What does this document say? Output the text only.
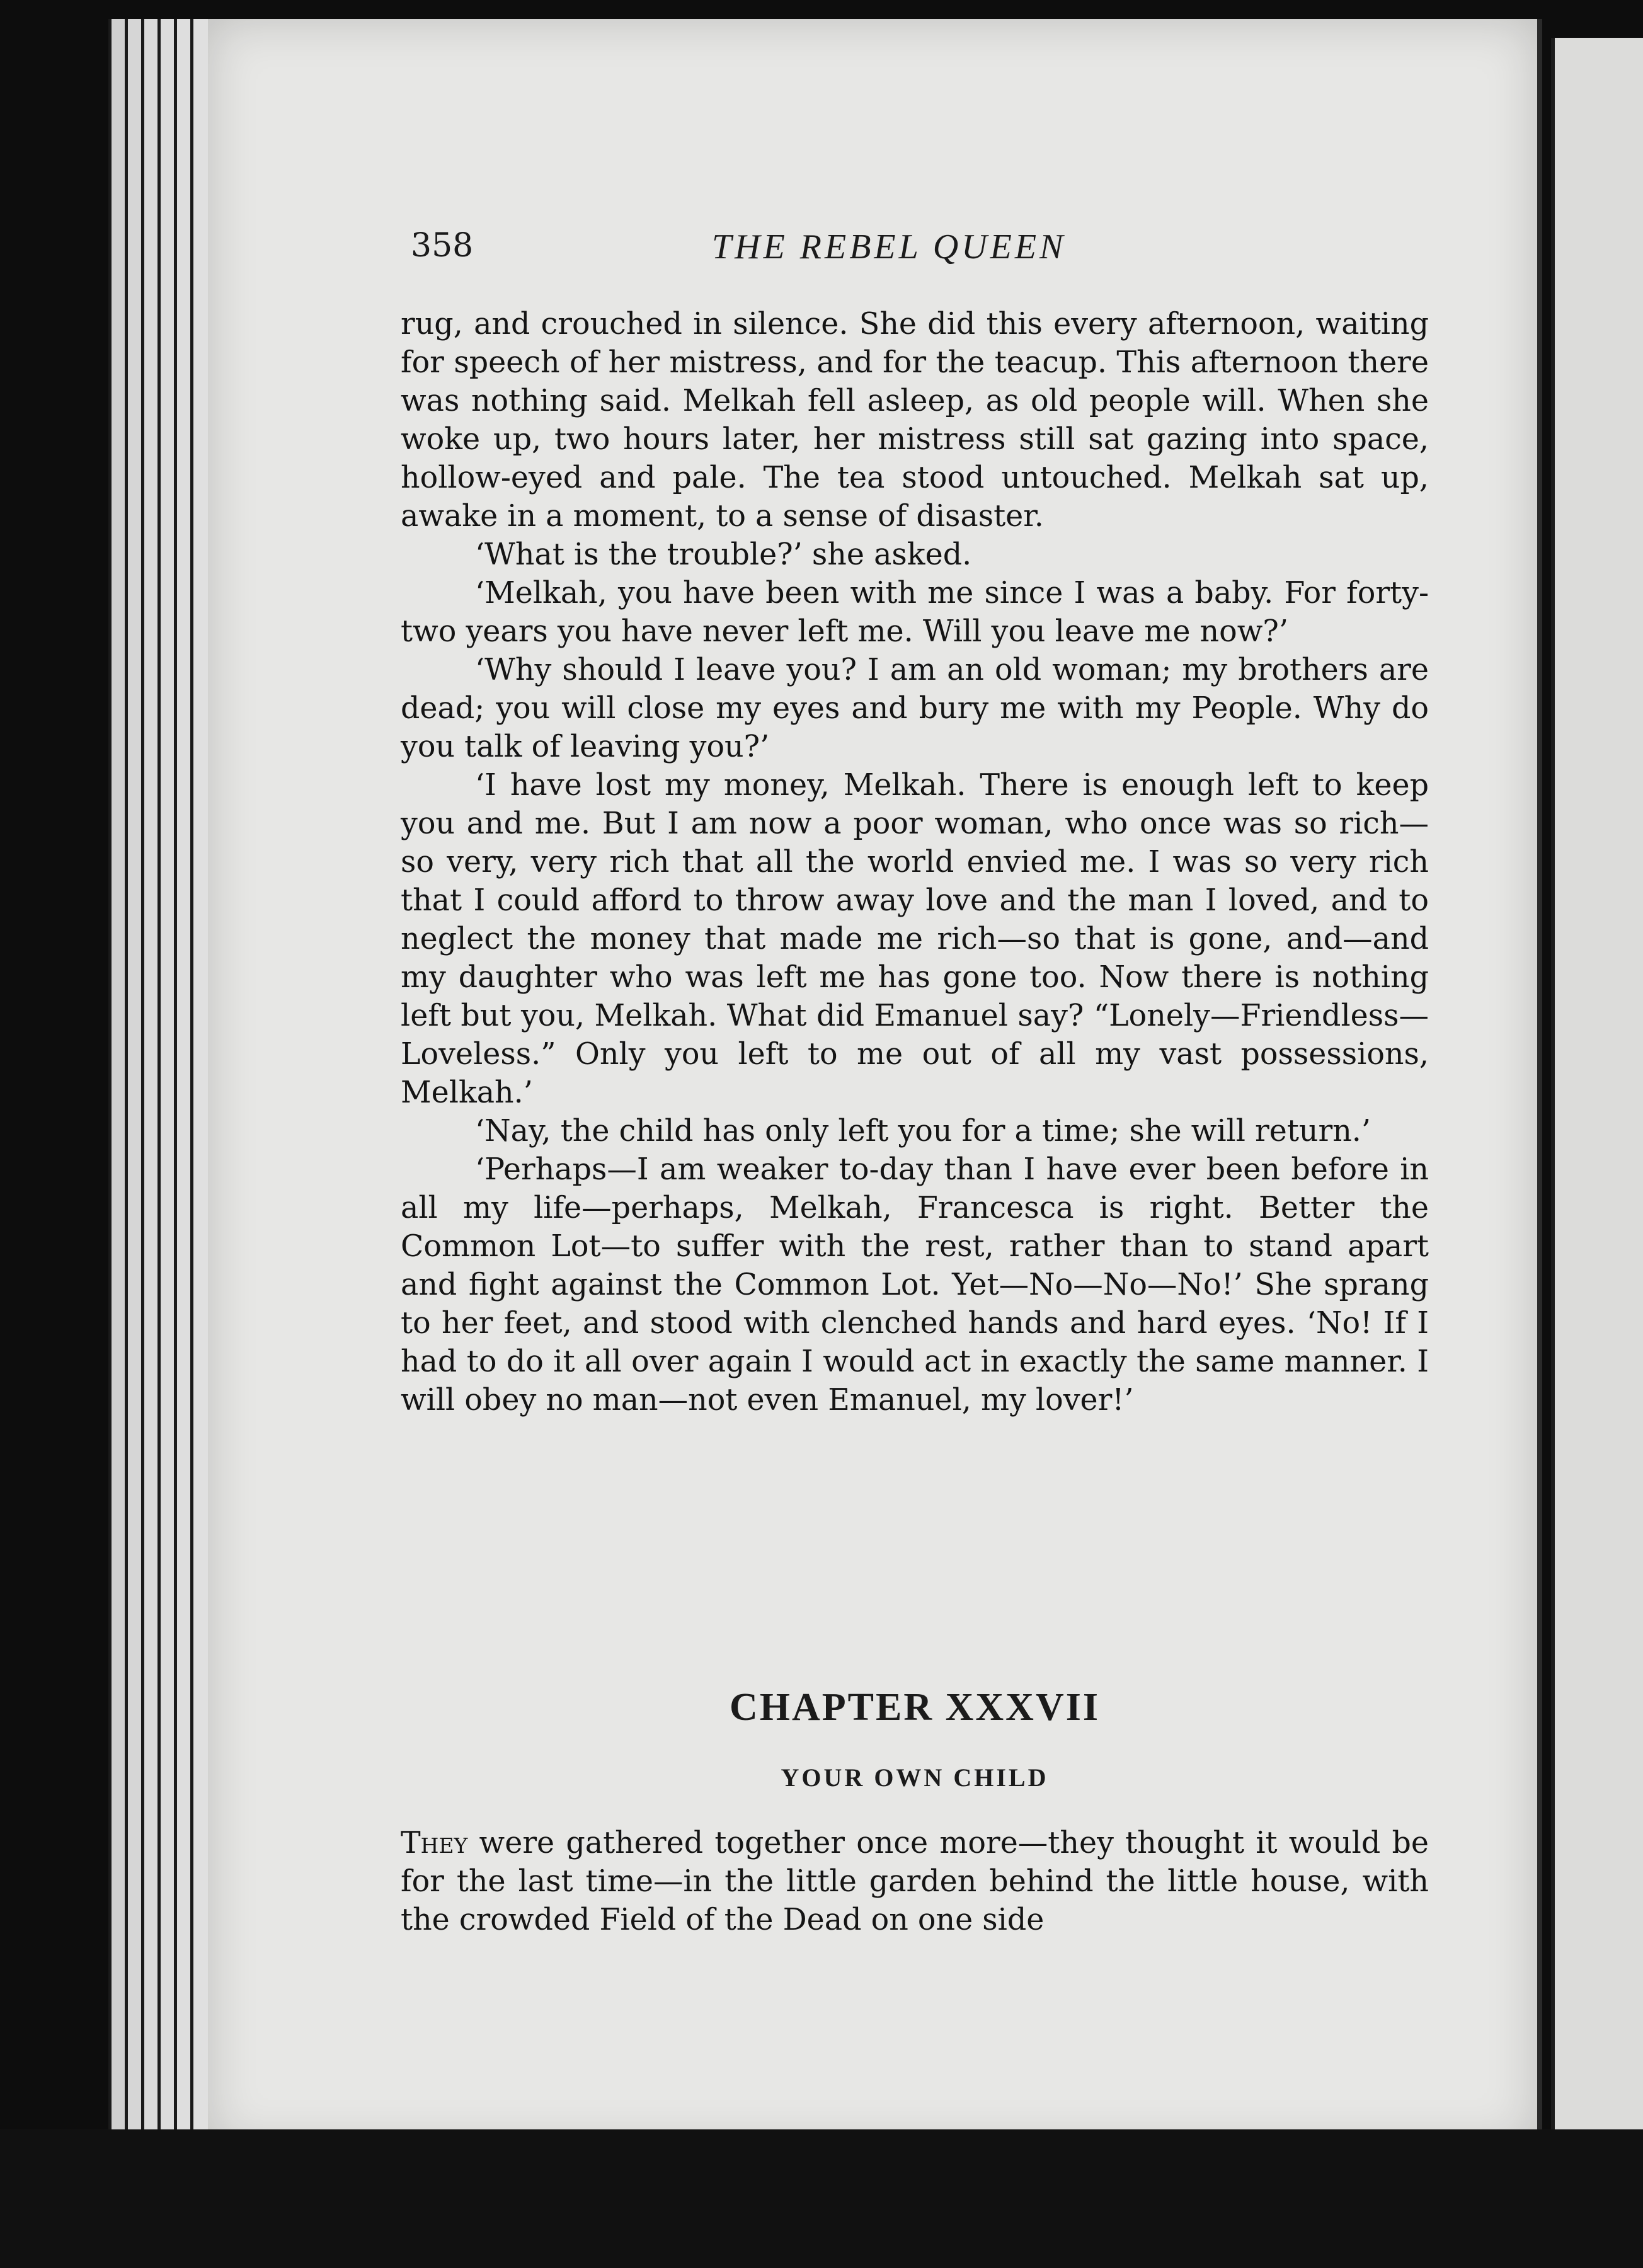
358	THE REBEL QUEEN

rug, and crouched in silence. She did this every afternoon, waiting for speech of her mistress, and for the teacup. This afternoon there was nothing said. Melkah fell asleep, as old people will. When she woke up, two hours later, her mistress still sat gazing into space, hollow-eyed and pale. The tea stood untouched. Melkah sat up, awake in a moment, to a sense of disaster.

‘What is the trouble?’ she asked.

‘Melkah, you have been with me since I was a baby. For forty-two years you have never left me. Will you leave me now?’

‘Why should I leave you? I am an old woman; my brothers are dead; you will close my eyes and bury me with my People. Why do you talk of leaving you?’

‘I have lost my money, Melkah. There is enough left to keep you and me. But I am now a poor woman, who once was so rich—so very, very rich that all the world envied me. I was so very rich that I could afford to throw away love and the man I loved, and to neglect the money that made me rich—so that is gone, and—and my daughter who was left me has gone too. Now there is nothing left but you, Melkah. What did Emanuel say? “Lonely—Friendless—Loveless.” Only you left to me out of all my vast possessions, Melkah.’

‘Nay, the child has only left you for a time; she will return.’

‘Perhaps—I am weaker to-day than I have ever been before in all my life—perhaps, Melkah, Francesca is right. Better the Common Lot—to suffer with the rest, rather than to stand apart and fight against the Common Lot. Yet—No—No—No!’ She sprang to her feet, and stood with clenched hands and hard eyes. ‘No! If I had to do it all over again I would act in exactly the same manner. I will obey no man—not even Emanuel, my lover!’

CHAPTER XXXVII
YOUR OWN CHILD

They were gathered together once more—they thought it would be for the last time—in the little garden behind the little house, with the crowded Field of the Dead on one side
